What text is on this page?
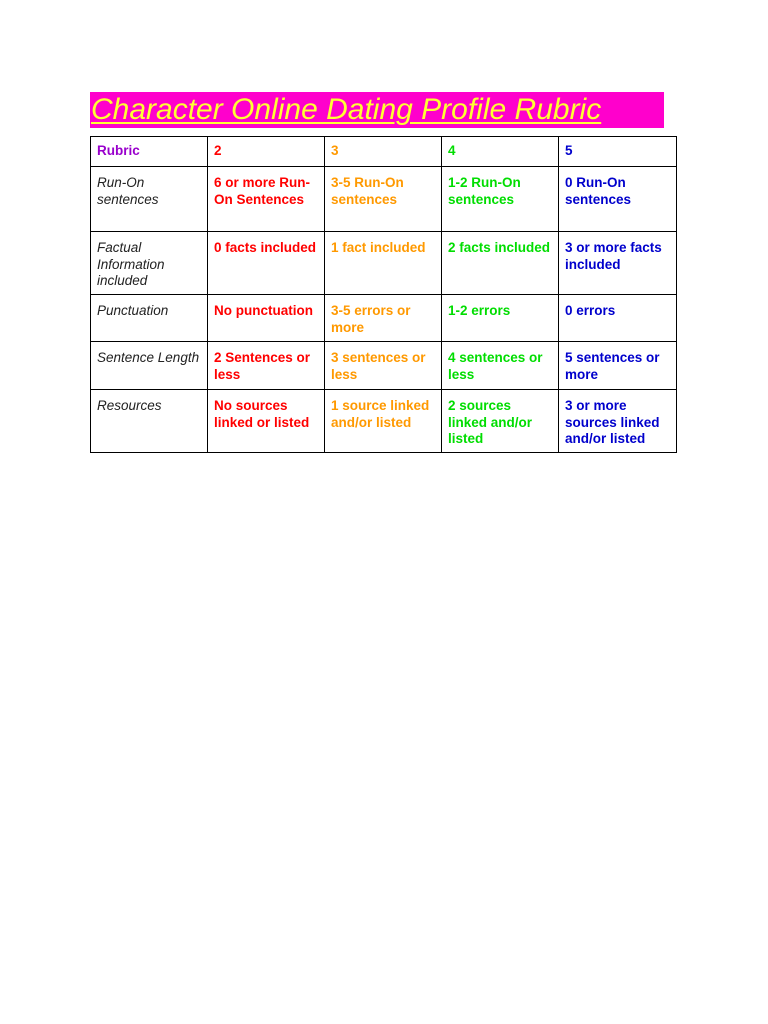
Character Online Dating Profile Rubric
Rubric	2	3	4	5
Run-On sentences	6 or more Run-On Sentences	3-5 Run-On sentences	1-2 Run-On sentences	0 Run-On sentences
Factual Information included	0 facts included	1 fact included	2 facts included	3 or more facts included
Punctuation	No punctuation	3-5 errors or more	1-2 errors	0 errors
Sentence Length	2 Sentences or less	3 sentences or less	4 sentences or less	5 sentences or more
Resources	No sources linked or listed	1 source linked and/or listed	2 sources linked and/or listed	3 or more sources linked and/or listed
